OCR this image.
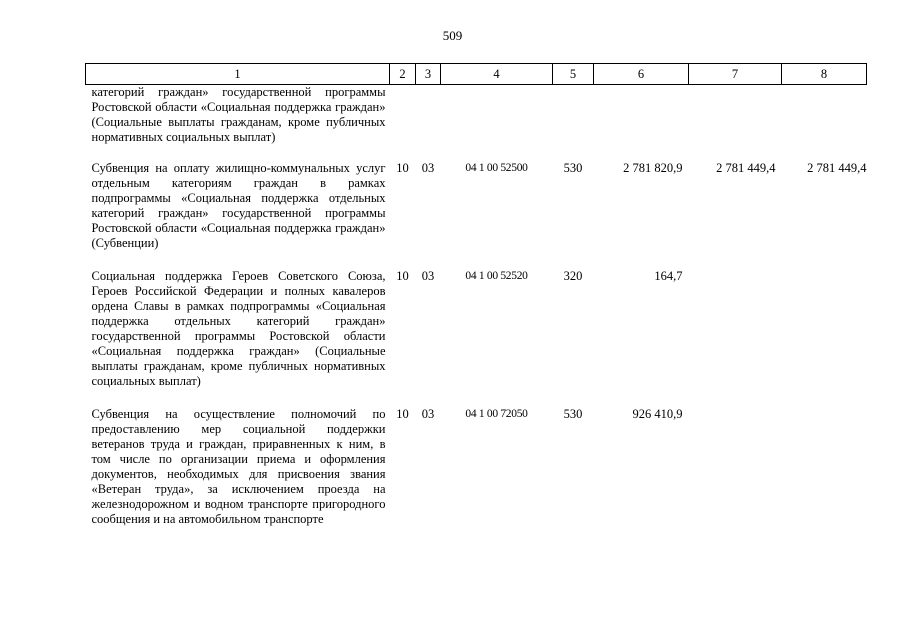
509
1	2	3	4	5	6	7	8
категорий граждан» государственной программы Ростовской области «Социальная поддержка граждан» (Социальные выплаты гражданам, кроме публичных нормативных социальных выплат)							
Субвенция на оплату жилищно-коммунальных услуг отдельным категориям граждан в рамках подпрограммы «Социальная поддержка отдельных категорий граждан» государственной программы Ростовской области «Социальная поддержка граждан» (Субвенции)	10	03	04 1 00 52500	530	2 781 820,9	2 781 449,4	2 781 449,4
Социальная поддержка Героев Советского Союза, Героев Российской Федерации и полных кавалеров ордена Славы в рамках подпрограммы «Социальная поддержка отдельных категорий граждан» государственной программы Ростовской области «Социальная поддержка граждан» (Социальные выплаты гражданам, кроме публичных нормативных социальных выплат)	10	03	04 1 00 52520	320	164,7		
Субвенция на осуществление полномочий по предоставлению мер социальной поддержки ветеранов труда и граждан, приравненных к ним, в том числе по организации приема и оформления документов, необходимых для присвоения звания «Ветеран труда», за исключением проезда на железнодорожном и водном транспорте пригородного сообщения и на автомобильном транспорте	10	03	04 1 00 72050	530	926 410,9		
